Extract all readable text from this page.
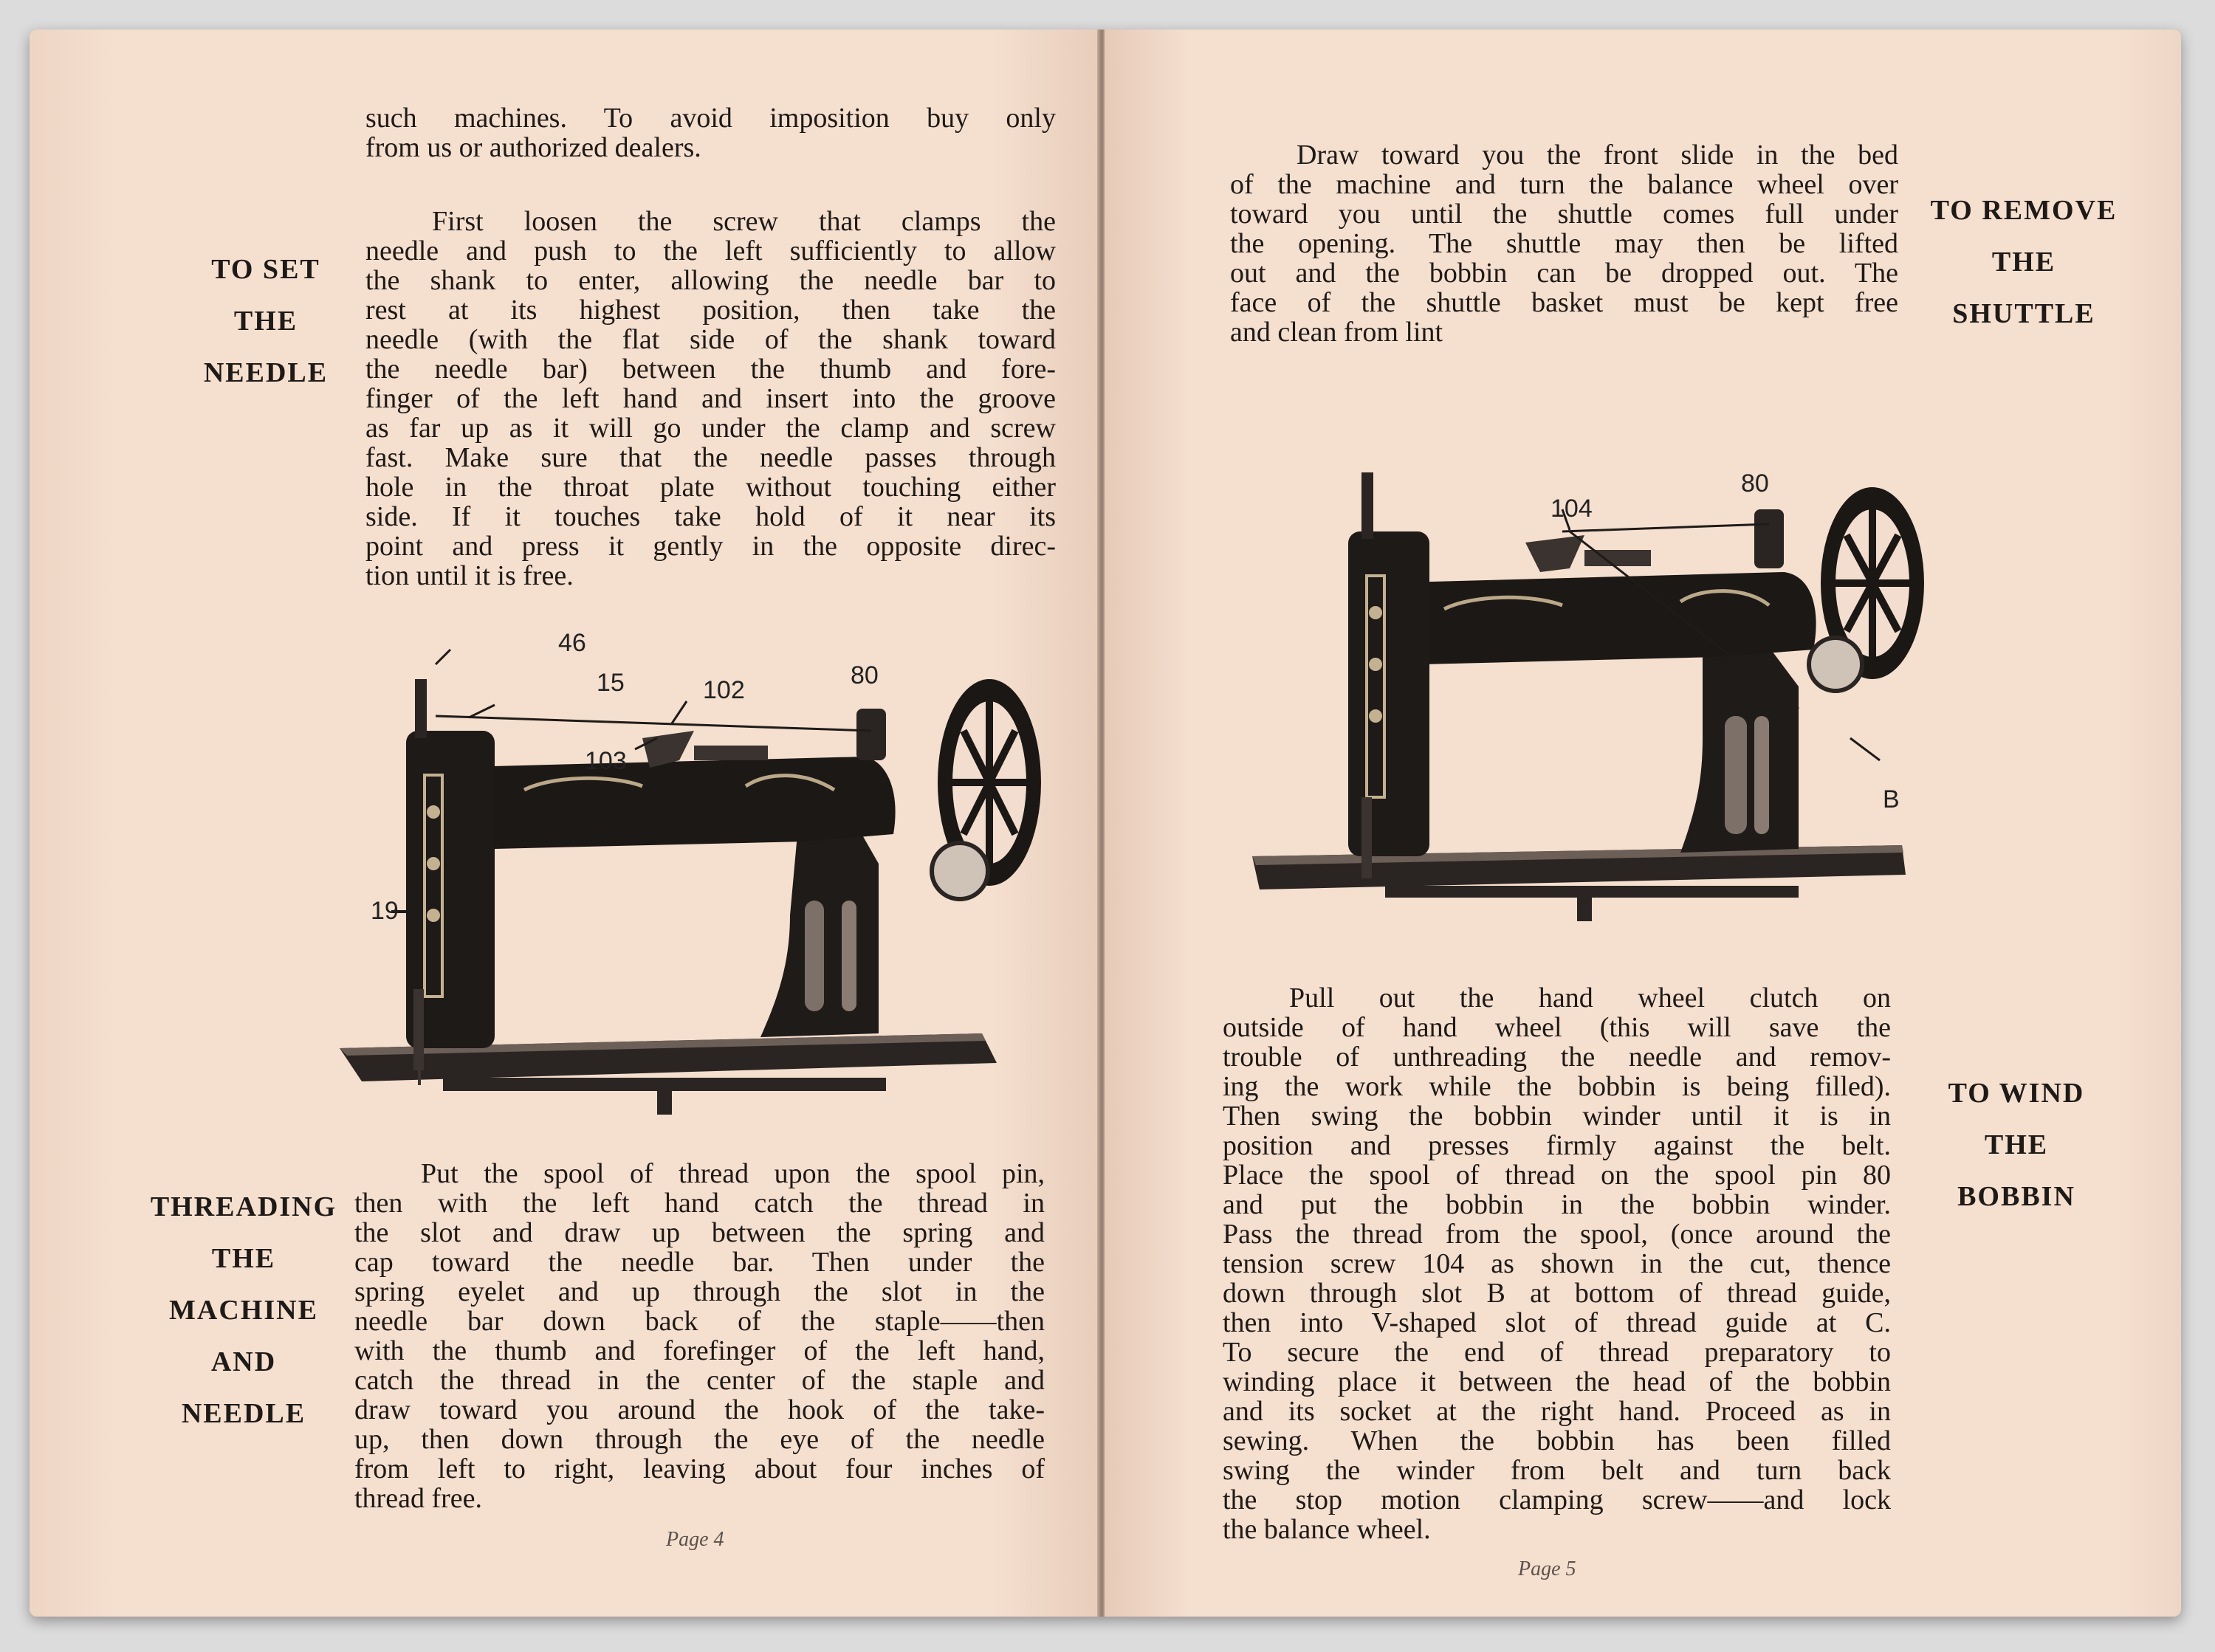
such machines. To avoid imposition buy only
from us or authorized dealers.
TO SET
THE
NEEDLE
First loosen the screw that clamps the
needle and push to the left sufficiently to allow
the shank to enter, allowing the needle bar to
rest at its highest position, then take the
needle (with the flat side of the shank toward
the needle bar) between the thumb and fore-
finger of the left hand and insert into the groove
as far up as it will go under the clamp and screw
fast. Make sure that the needle passes through
hole in the throat plate without touching either
side. If it touches take hold of it near its
point and press it gently in the opposite direc-
tion until it is free.
46
15	102
80
103
19
THREADING
THE
MACHINE
AND
NEEDLE
Put the spool of thread upon the spool pin,
then with the left hand catch the thread in
the slot and draw up between the spring and
cap toward the needle bar. Then under the
spring eyelet and up through the slot in the
needle bar down back of the staple——then
with the thumb and forefinger of the left hand,
catch the thread in the center of the staple and
draw toward you around the hook of the take-
up, then down through the eye of the needle
from left to right, leaving about four inches of
thread free.
Page 4
Draw toward you the front slide in the bed
of the machine and turn the balance wheel over
toward you until the shuttle comes full under
the opening. The shuttle may then be lifted
out and the bobbin can be dropped out. The
face of the shuttle basket must be kept free
and clean from lint
TO REMOVE
THE
SHUTTLE
104
80
B
Pull out the hand wheel clutch on
outside of hand wheel (this will save the
trouble of unthreading the needle and remov-
ing the work while the bobbin is being filled).
Then swing the bobbin winder until it is in
position and presses firmly against the belt.
Place the spool of thread on the spool pin 80
and put the bobbin in the bobbin winder.
Pass the thread from the spool, (once around the
tension screw 104 as shown in the cut, thence
down through slot B at bottom of thread guide,
then into V-shaped slot of thread guide at C.
To secure the end of thread preparatory to
winding place it between the head of the bobbin
and its socket at the right hand. Proceed as in
sewing. When the bobbin has been filled
swing the winder from belt and turn back
the stop motion clamping screw——and lock
the balance wheel.
TO WIND
THE
BOBBIN
Page 5
